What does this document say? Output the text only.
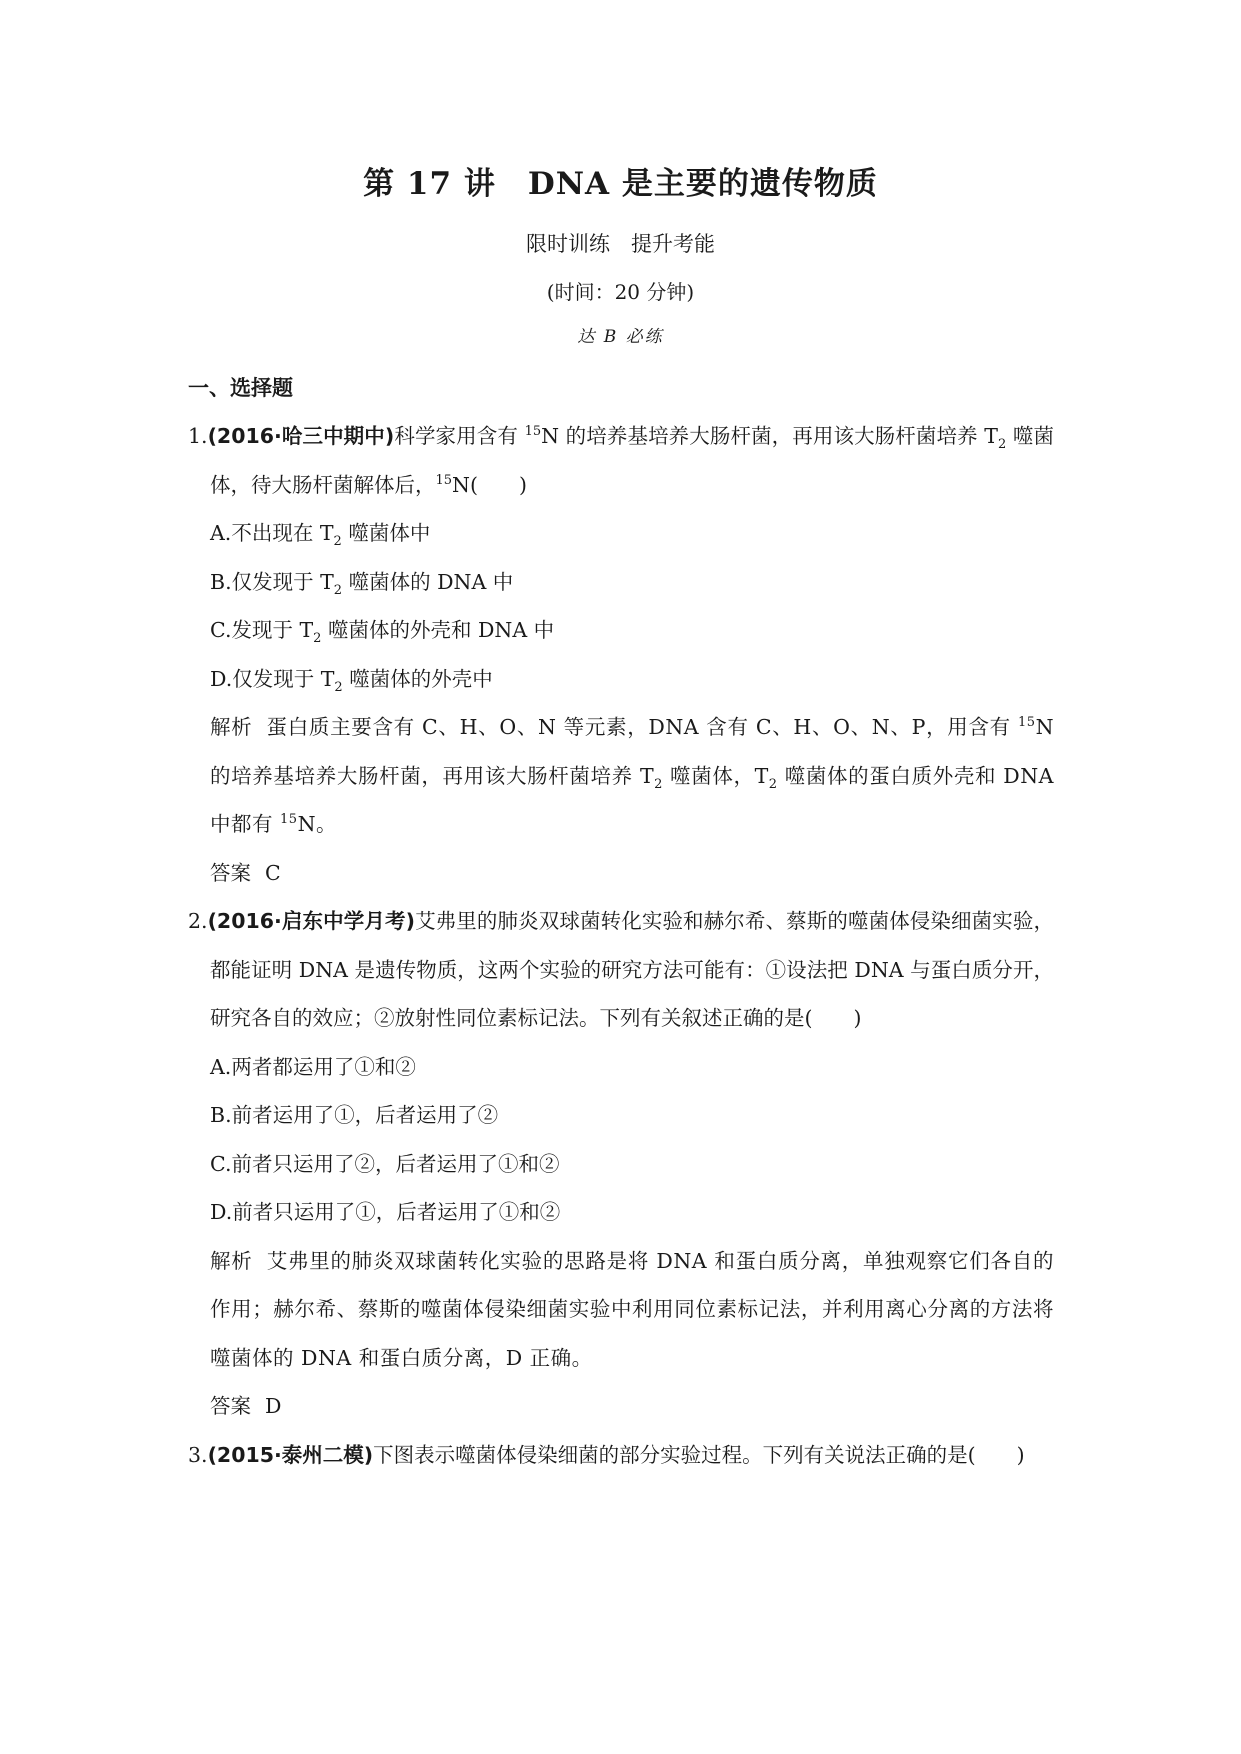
第 17 讲　DNA 是主要的遗传物质
限时训练　提升考能
(时间：20 分钟)
达 B 必练
一、选择题
1.(2016·哈三中期中)科学家用含有 $^{15}$N 的培养基培养大肠杆菌，再用该大肠杆菌培养 $T_2$ 噬菌体，待大肠杆菌解体后，$^{15}$N(　　)
A.不出现在 $T_2$ 噬菌体中
B.仅发现于 $T_2$ 噬菌体的 DNA 中
C.发现于 $T_2$ 噬菌体的外壳和 DNA 中
D.仅发现于 $T_2$ 噬菌体的外壳中
解析 蛋白质主要含有 C、H、O、N 等元素，DNA 含有 C、H、O、N、P，用含有 $^{15}$N 的培养基培养大肠杆菌，再用该大肠杆菌培养 $T_2$ 噬菌体，$T_2$ 噬菌体的蛋白质外壳和 DNA 中都有 $^{15}$N。
答案 C
2.(2016·启东中学月考)艾弗里的肺炎双球菌转化实验和赫尔希、蔡斯的噬菌体侵染细菌实验，都能证明 DNA 是遗传物质，这两个实验的研究方法可能有：①设法把 DNA 与蛋白质分开，研究各自的效应；②放射性同位素标记法。下列有关叙述正确的是(　　)
A.两者都运用了①和②
B.前者运用了①，后者运用了②
C.前者只运用了②，后者运用了①和②
D.前者只运用了①，后者运用了①和②
解析 艾弗里的肺炎双球菌转化实验的思路是将 DNA 和蛋白质分离，单独观察它们各自的作用；赫尔希、蔡斯的噬菌体侵染细菌实验中利用同位素标记法，并利用离心分离的方法将噬菌体的 DNA 和蛋白质分离，D 正确。
答案 D
3.(2015·泰州二模)下图表示噬菌体侵染细菌的部分实验过程。下列有关说法正确的是(　　)
